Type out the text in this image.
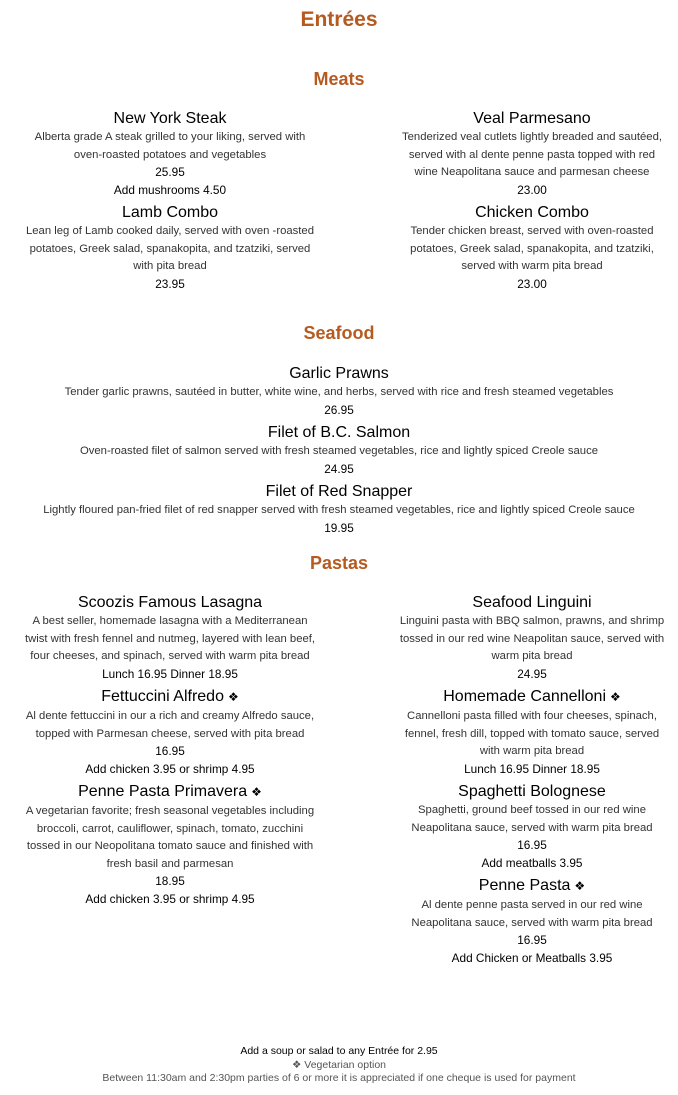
Entrées
Meats
New York Steak
Alberta grade A steak grilled to your liking, served with oven-roasted potatoes and vegetables
25.95
Add mushrooms 4.50
Lamb Combo
Lean leg of Lamb cooked daily, served with oven -roasted potatoes, Greek salad, spanakopita, and tzatziki, served with pita bread
23.95
Veal Parmesano
Tenderized veal cutlets lightly breaded and sautéed, served with al dente penne pasta topped with red wine Neapolitana sauce and parmesan cheese
23.00
Chicken Combo
Tender chicken breast, served with oven-roasted potatoes, Greek salad, spanakopita, and tzatziki, served with warm pita bread
23.00
Seafood
Garlic Prawns
Tender garlic prawns, sautéed in butter, white wine, and herbs, served with rice and fresh steamed vegetables
26.95
Filet of B.C. Salmon
Oven-roasted filet of salmon served with fresh steamed vegetables, rice and lightly spiced Creole sauce
24.95
Filet of Red Snapper
Lightly floured pan-fried filet of red snapper served with fresh steamed vegetables, rice and lightly spiced Creole sauce
19.95
Pastas
Scoozis Famous Lasagna
A best seller, homemade lasagna with a Mediterranean twist with fresh fennel and nutmeg, layered with lean beef, four cheeses, and spinach, served with warm pita bread
Lunch 16.95 Dinner 18.95
Fettuccini Alfredo ❖
Al dente fettuccini in our a rich and creamy Alfredo sauce, topped with Parmesan cheese, served with pita bread
16.95
Add chicken 3.95 or shrimp 4.95
Penne Pasta Primavera ❖
A vegetarian favorite; fresh seasonal vegetables including broccoli, carrot, cauliflower, spinach, tomato, zucchini tossed in our Neopolitana tomato sauce and finished with fresh basil and parmesan
18.95
Add chicken 3.95 or shrimp 4.95
Seafood Linguini
Linguini pasta with BBQ salmon, prawns, and shrimp tossed in our red wine Neapolitan sauce, served with warm pita bread
24.95
Homemade Cannelloni ❖
Cannelloni pasta filled with four cheeses, spinach, fennel, fresh dill, topped with tomato sauce, served with warm pita bread
Lunch 16.95 Dinner 18.95
Spaghetti Bolognese
Spaghetti, ground beef tossed in our red wine Neapolitana sauce, served with warm pita bread
16.95
Add meatballs 3.95
Penne Pasta ❖
Al dente penne pasta served in our red wine Neapolitana sauce, served with warm pita bread
16.95
Add Chicken or Meatballs 3.95
Add a soup or salad to any Entrée for 2.95
❖ Vegetarian option
Between 11:30am and 2:30pm parties of 6 or more it is appreciated if one cheque is used for payment
